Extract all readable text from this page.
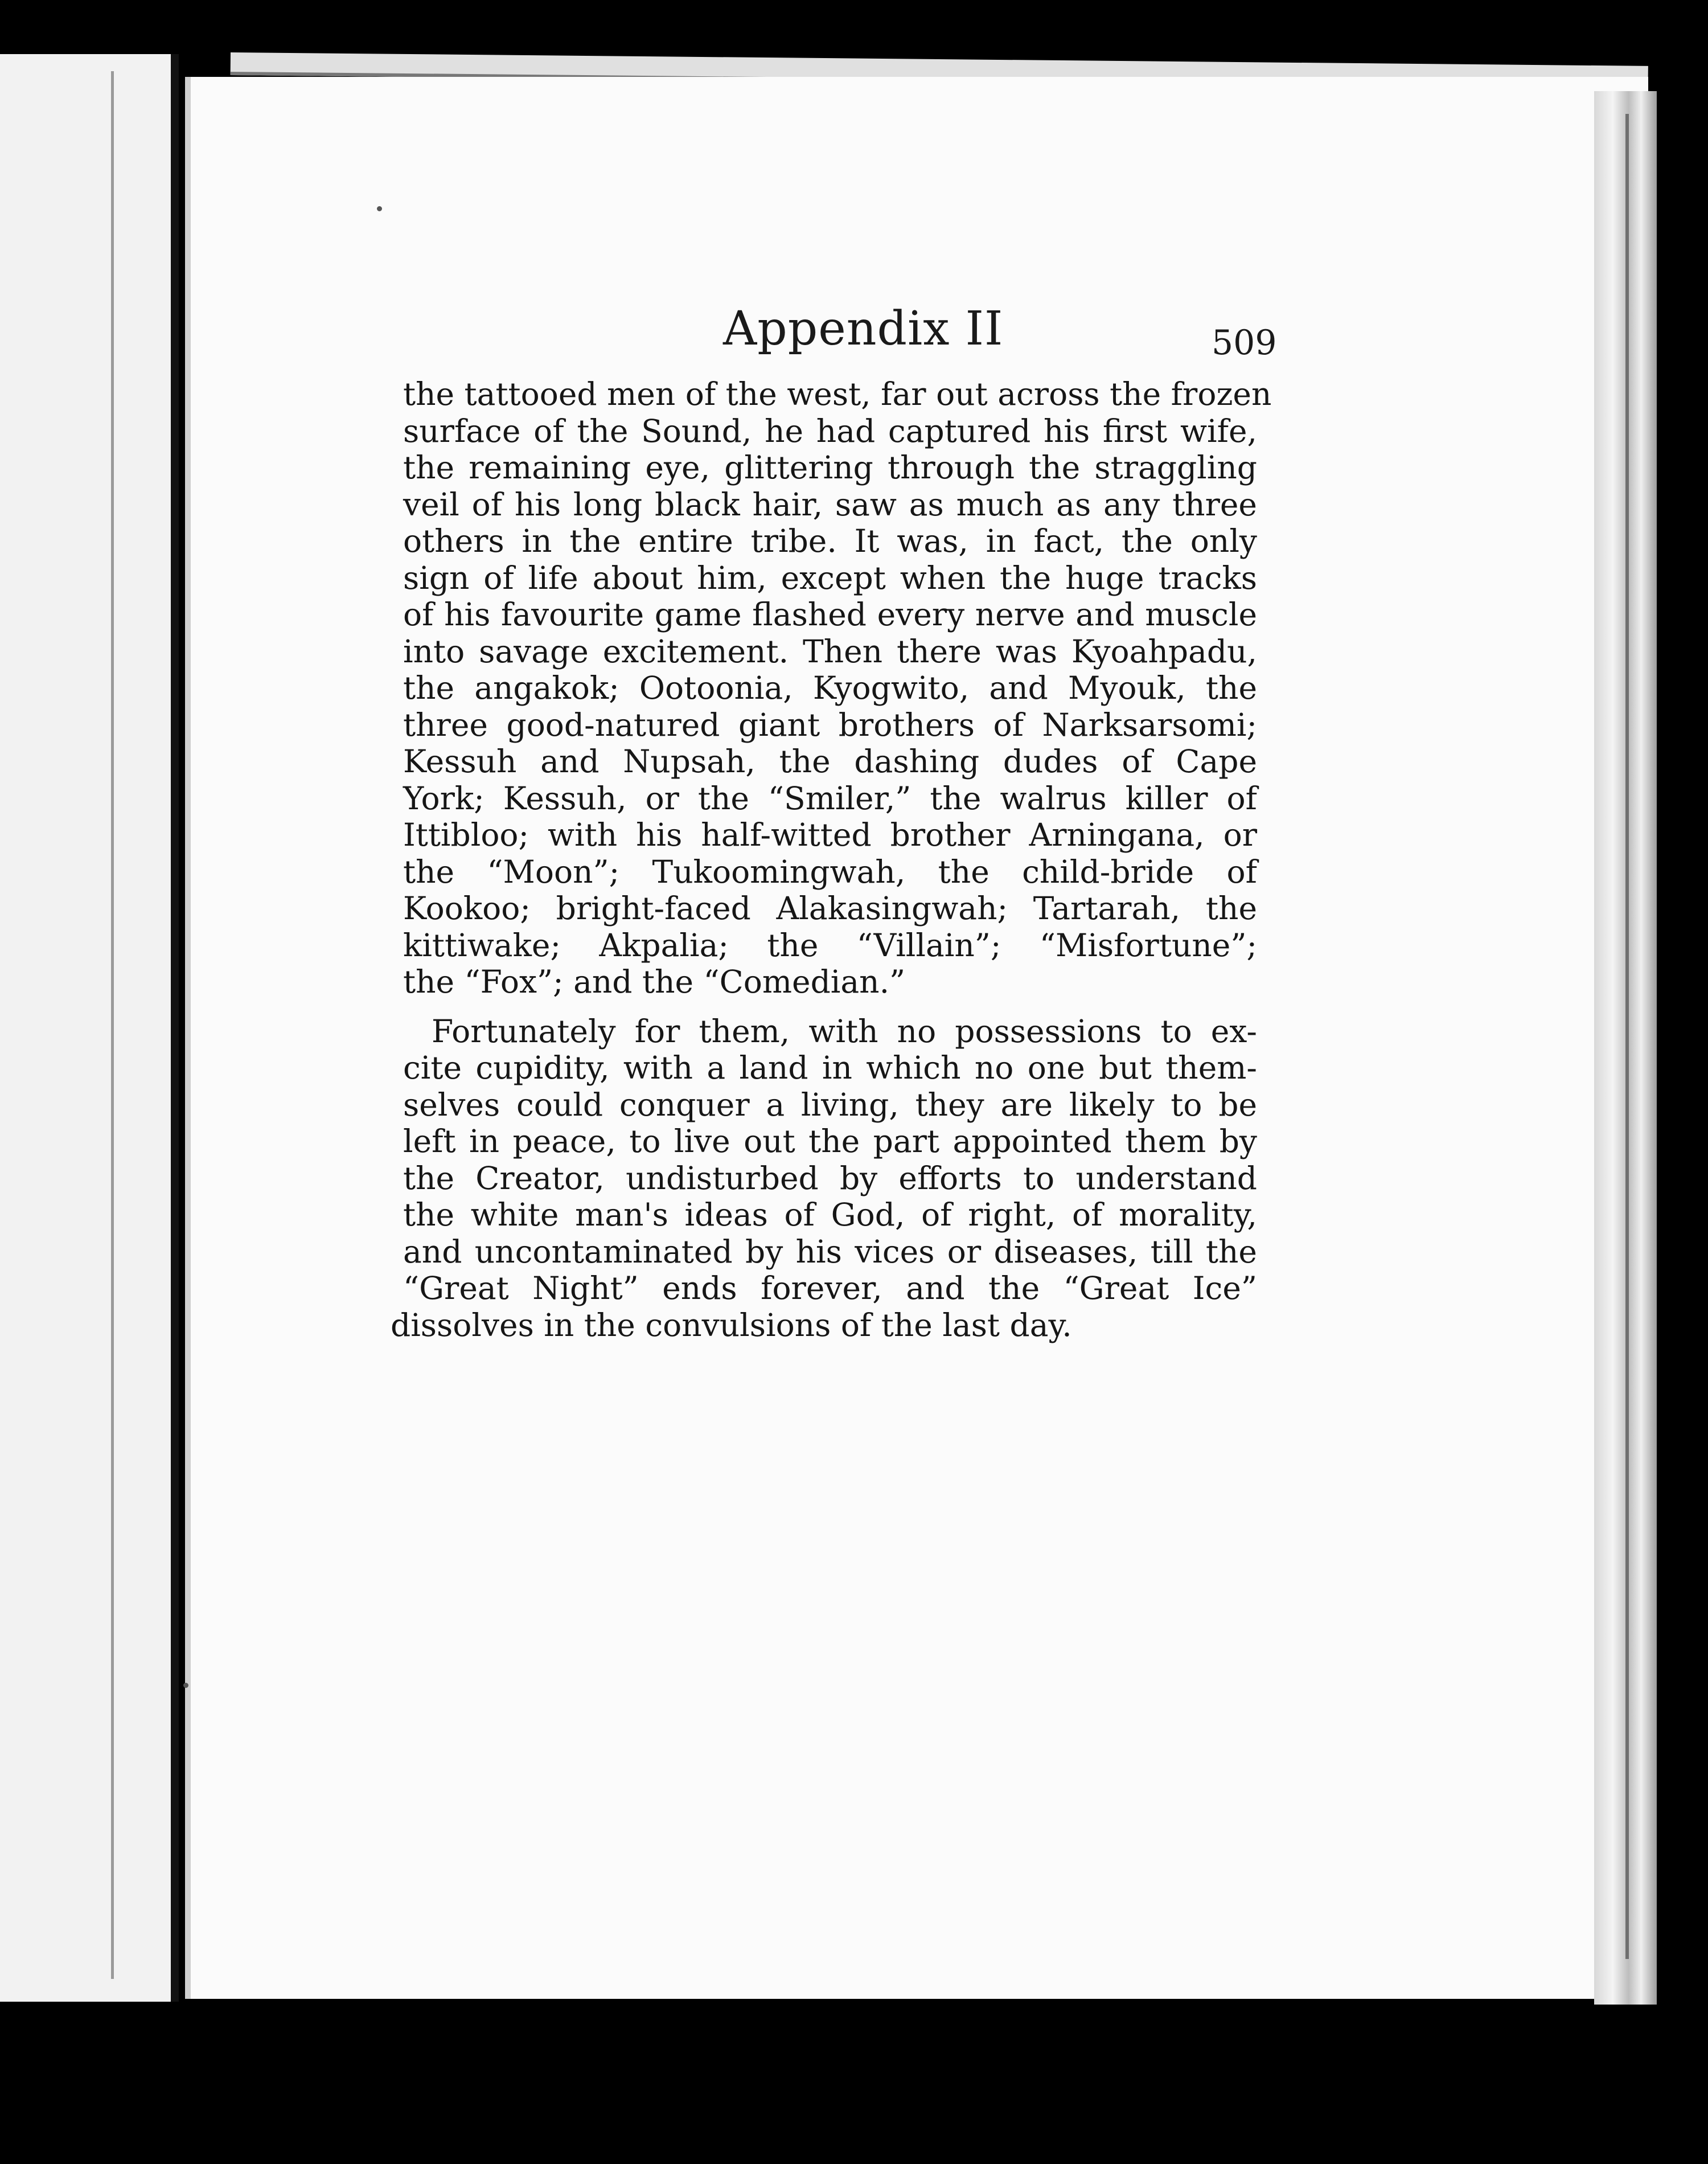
Appendix II	509
the tattooed men of the west, far out across the frozen
surface of the Sound, he had captured his first wife,
the remaining eye, glittering through the straggling
veil of his long black hair, saw as much as any three
others in the entire tribe. It was, in fact, the only
sign of life about him, except when the huge tracks
of his favourite game flashed every nerve and muscle
into savage excitement. Then there was Kyoahpadu,
the angakok; Ootoonia, Kyogwito, and Myouk, the
three good-natured giant brothers of Narksarsomi;
Kessuh and Nupsah, the dashing dudes of Cape
York; Kessuh, or the “Smiler,” the walrus killer of
Ittibloo; with his half-witted brother Arningana, or
the “Moon”; Tukoomingwah, the child-bride of
Kookoo; bright-faced Alakasingwah; Tartarah, the
kittiwake; Akpalia; the “Villain”; “Misfortune”;
the “Fox”; and the “Comedian.”
Fortunately for them, with no possessions to ex-
cite cupidity, with a land in which no one but them-
selves could conquer a living, they are likely to be
left in peace, to live out the part appointed them by
the Creator, undisturbed by efforts to understand
the white man's ideas of God, of right, of morality,
and uncontaminated by his vices or diseases, till the
“Great Night” ends forever, and the “Great Ice”
dissolves in the convulsions of the last day.
